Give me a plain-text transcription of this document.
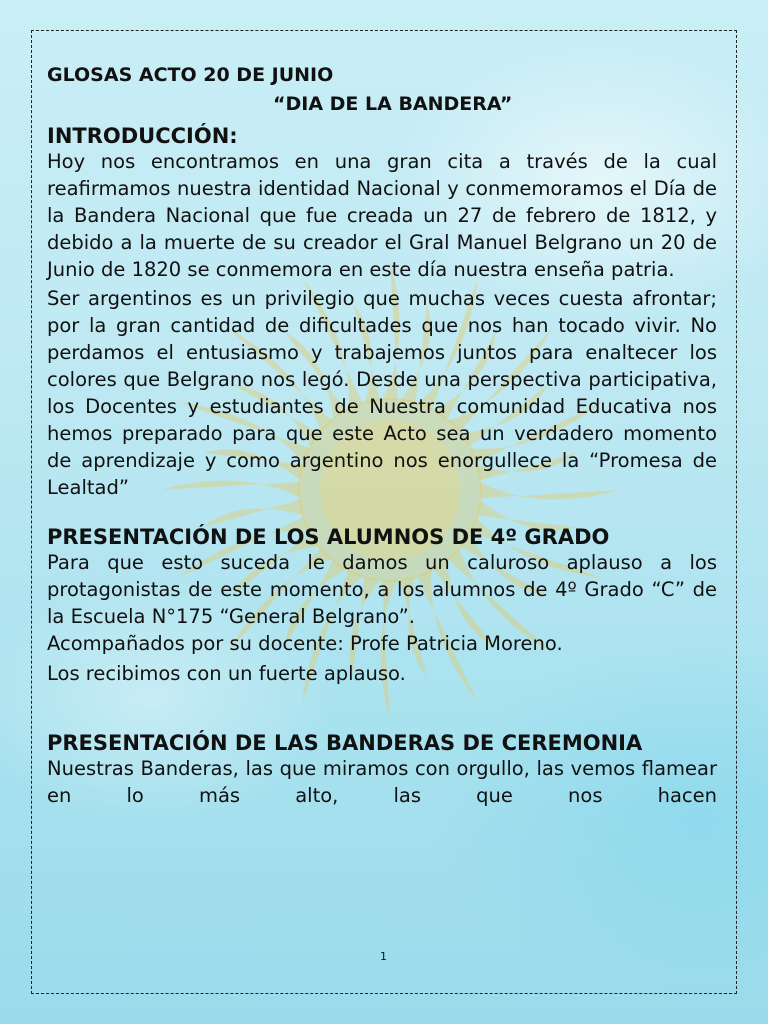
GLOSAS ACTO 20 DE JUNIO

“DIA DE LA BANDERA”

INTRODUCCIÓN:

Hoy nos encontramos en una gran cita a través de la cual reafirmamos nuestra identidad Nacional y conmemoramos el Día de la Bandera Nacional que fue creada un 27 de febrero de 1812, y debido a la muerte de su creador el Gral Manuel Belgrano un 20 de Junio de 1820 se conmemora en este día nuestra enseña patria.

Ser argentinos es un privilegio que muchas veces cuesta afrontar; por la gran cantidad de dificultades que nos han tocado vivir. No perdamos el entusiasmo y trabajemos juntos para enaltecer los colores que Belgrano nos legó. Desde una perspectiva participativa, los Docentes y estudiantes de Nuestra comunidad Educativa nos hemos preparado para que este Acto sea un verdadero momento de aprendizaje y como argentino nos enorgullece la “Promesa de Lealtad”

PRESENTACIÓN DE LOS ALUMNOS DE 4º GRADO

Para que esto suceda le damos un caluroso aplauso a los protagonistas de este momento, a los alumnos de 4º Grado “C” de la Escuela N°175 “General Belgrano”.

Acompañados por su docente: Profe Patricia Moreno.

Los recibimos con un fuerte aplauso.

PRESENTACIÓN DE LAS BANDERAS DE CEREMONIA

Nuestras Banderas, las que miramos con orgullo, las vemos flamear en lo más alto, las que nos hacen

1
